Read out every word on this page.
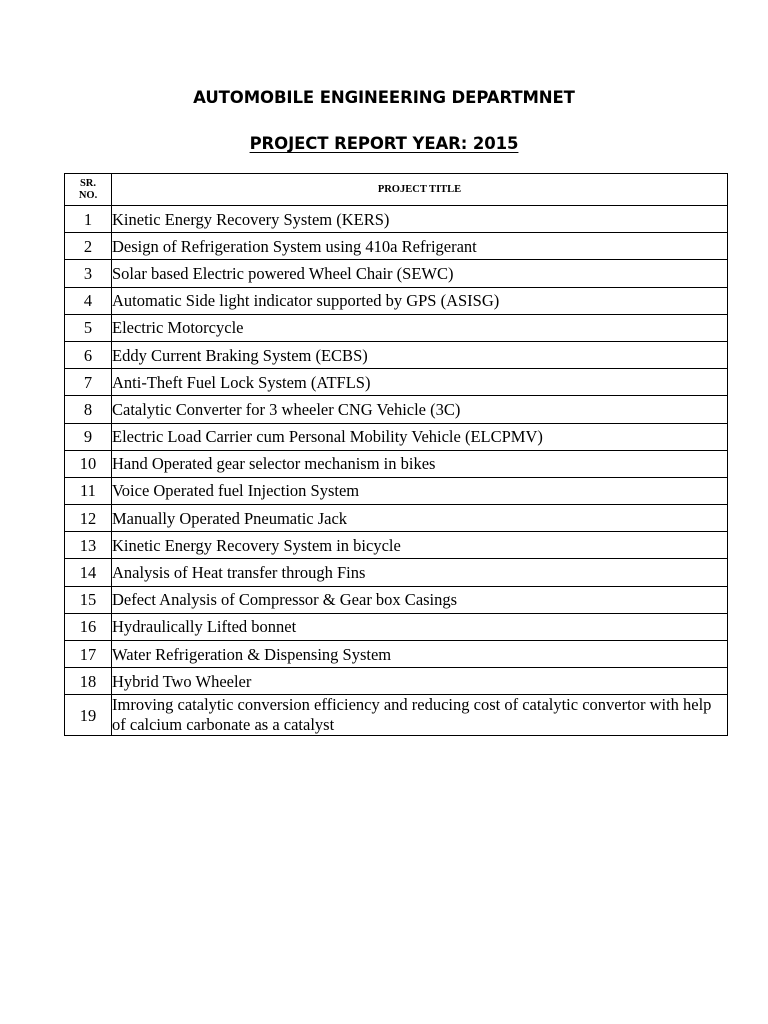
AUTOMOBILE ENGINEERING DEPARTMNET
PROJECT REPORT YEAR: 2015
SR.
NO.	PROJECT TITLE
1	Kinetic Energy Recovery System (KERS)
2	Design of Refrigeration System using 410a Refrigerant
3	Solar based Electric powered Wheel Chair (SEWC)
4	Automatic Side light indicator supported by GPS (ASISG)
5	Electric Motorcycle
6	Eddy Current Braking System (ECBS)
7	Anti-Theft Fuel Lock System (ATFLS)
8	Catalytic Converter for 3 wheeler CNG Vehicle (3C)
9	Electric Load Carrier cum Personal Mobility Vehicle (ELCPMV)
10	Hand Operated gear selector mechanism in bikes
11	Voice Operated fuel Injection System
12	Manually Operated Pneumatic Jack
13	Kinetic Energy Recovery System in bicycle
14	Analysis of Heat transfer through Fins
15	Defect Analysis of Compressor & Gear box Casings
16	Hydraulically Lifted bonnet
17	Water Refrigeration & Dispensing System
18	Hybrid Two Wheeler
19	Imroving catalytic conversion efficiency and reducing cost of catalytic convertor with help of calcium carbonate as a catalyst
